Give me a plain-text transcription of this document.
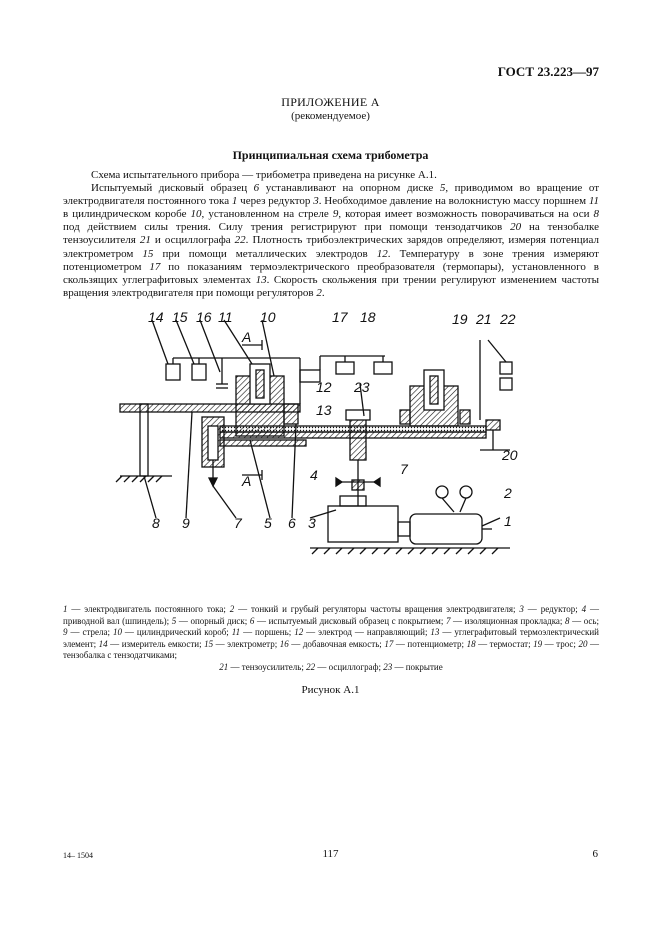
ГОСТ 23.223—97
ПРИЛОЖЕНИЕ А
(рекомендуемое)
Принципиальная схема трибометра

Схема испытательного прибора — трибометра приведена на рисунке А.1.

Испытуемый дисковый образец 6 устанавливают на опорном диске 5, приводимом во вращение от электродвигателя постоянного тока 1 через редуктор 3. Необходимое давление на волокнистую массу поршнем 11 в цилиндрическом коробе 10, установленном на стреле 9, которая имеет возможность поворачиваться на оси 8 под действием силы трения. Силу трения регистрируют при помощи тензодатчиков 20 на тензобалке тензоусилителя 21 и осциллографа 22. Плотность трибоэлектрических зарядов определяют, измеряя потенциал электрометром 15 при помощи металлических электродов 12. Температуру в зоне трения измеряют потенциометром 17 по показаниям термоэлектрического преобразователя (термопары), установленного в скользящих углеграфитовых элементах 13. Скорость скольжения при трении регулируют изменением частоты вращения электродвигателя при помощи регуляторов 2.

14 15 16 11 10	17 18	19 21 22
А
12
13
23
20
А	4	7
2
8 9	7 5 6 3	1
1 — электродвигатель постоянного тока; 2 — тонкий и грубый регуляторы частоты вращения электродвигателя; 3 — редуктор; 4 — приводной вал (шпиндель); 5 — опорный диск; 6 — испытуемый дисковый образец с покрытием; 7 — изоляционная прокладка; 8 — ось; 9 — стрела; 10 — цилиндрический короб; 11 — поршень; 12 — электрод — направляющий; 13 — углеграфитовый термоэлектрический элемент; 14 — измеритель емкости; 15 — электрометр; 16 — добавочная емкость; 17 — потенциометр; 18 — термостат; 19 — трос; 20 — тензобалка с тензодатчиками;
21 — тензоусилитель; 22 — осциллограф; 23 — покрытие
Рисунок А.1
14– 1504	117	6
